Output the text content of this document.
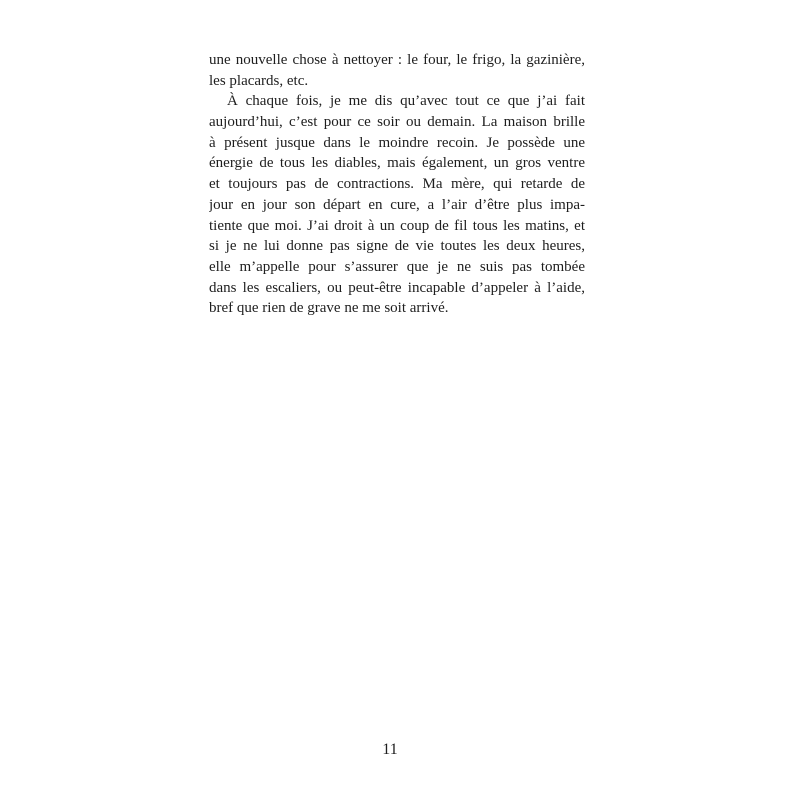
une nouvelle chose à nettoyer : le four, le frigo, la gazinière,
les placards, etc.
À chaque fois, je me dis qu’avec tout ce que j’ai fait
aujourd’hui, c’est pour ce soir ou demain. La maison brille
à présent jusque dans le moindre recoin. Je possède une
énergie de tous les diables, mais également, un gros ventre
et toujours pas de contractions. Ma mère, qui retarde de
jour en jour son départ en cure, a l’air d’être plus impa-
tiente que moi. J’ai droit à un coup de fil tous les matins, et
si je ne lui donne pas signe de vie toutes les deux heures,
elle m’appelle pour s’assurer que je ne suis pas tombée
dans les escaliers, ou peut-être incapable d’appeler à l’aide,
bref que rien de grave ne me soit arrivé.
11
